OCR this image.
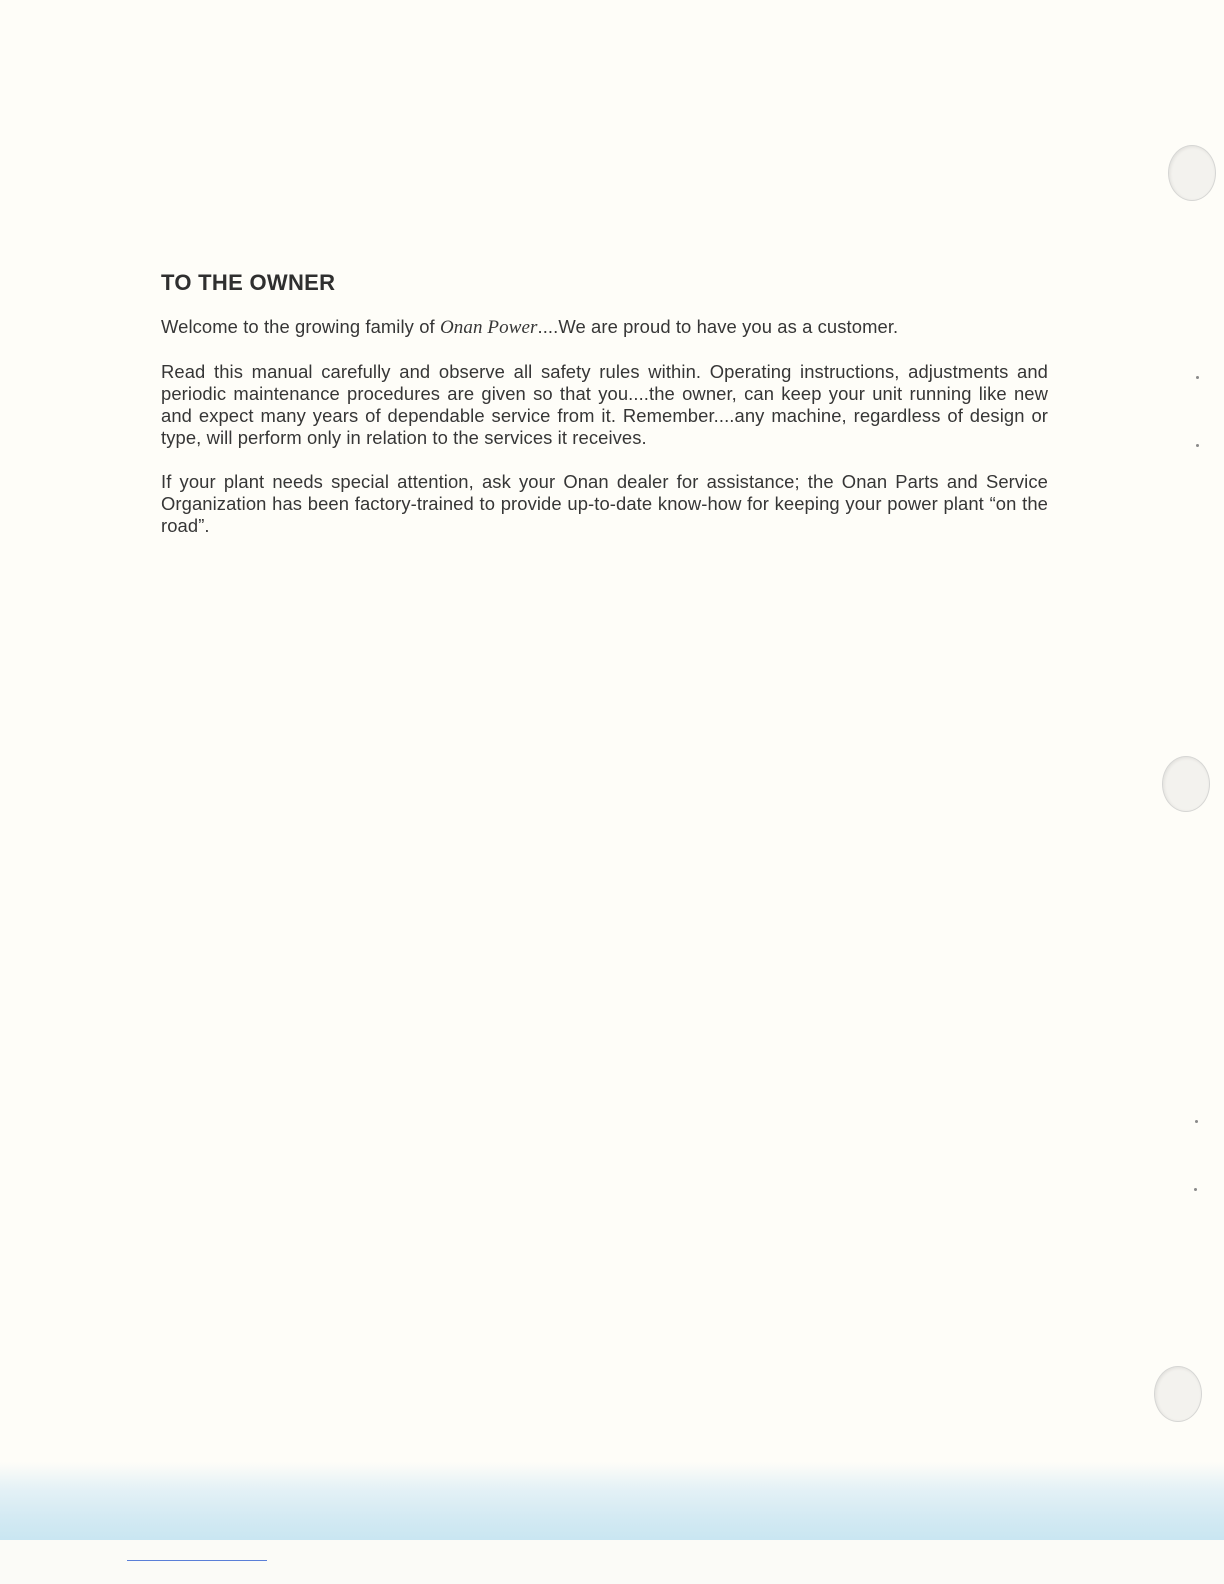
TO THE OWNER

Welcome to the growing family of Onan Power....We are proud to have you as a customer.

Read this manual carefully and observe all safety rules within. Operating instructions, adjustments and periodic maintenance procedures are given so that you....the owner, can keep your unit running like new and expect many years of dependable service from it. Remember....any machine, regardless of design or type, will perform only in relation to the services it receives.

If your plant needs special attention, ask your Onan dealer for assistance; the Onan Parts and Service Organization has been factory-trained to provide up-to-date know-how for keeping your power plant “on the road”.
